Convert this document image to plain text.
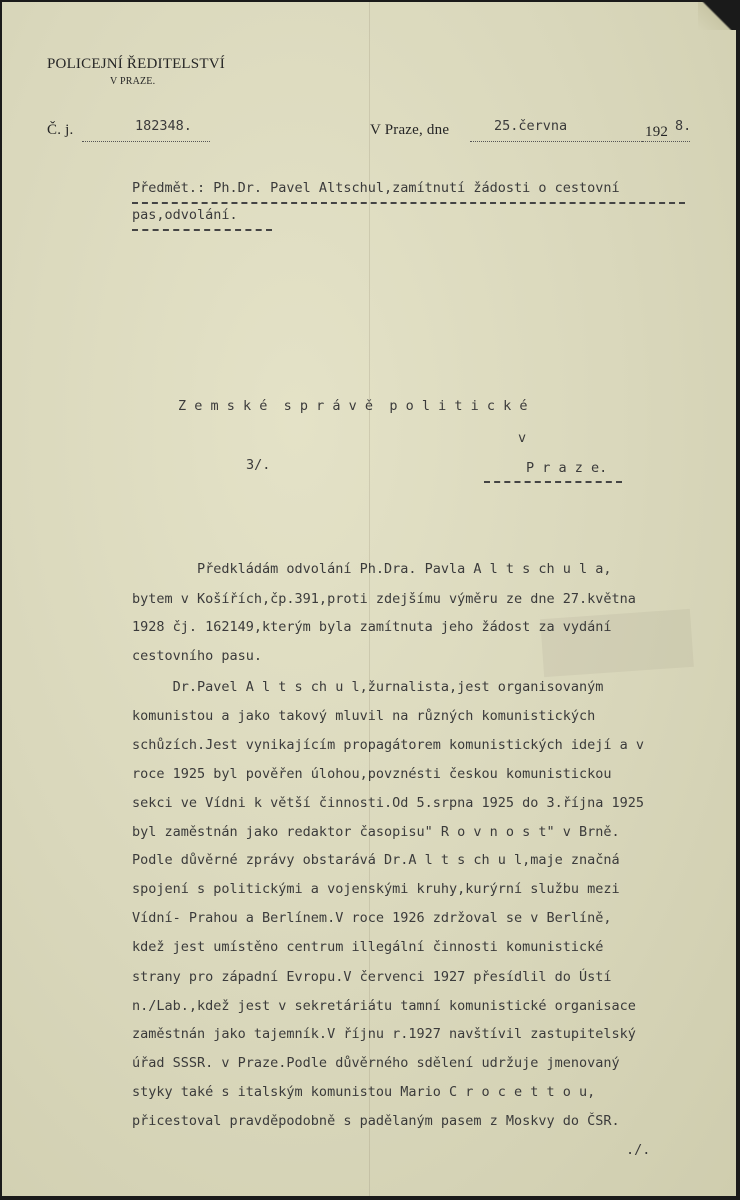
POLICEJNÍ ŘEDITELSTVÍ
V PRAZE.
Č. j.	182348.	V Praze, dne	25.června	192 8.
Předmět.: Ph.Dr. Pavel Altschul,zamítnutí žádosti o cestovní
pas,odvolání.
Z e m s k é  s p r á v ě  p o l i t i c k é
v
3/.	P r a z e.
Předkládám odvolání Ph.Dra. Pavla A l t s ch u l a,
bytem v Košířích,čp.391,proti zdejšímu výměru ze dne 27.května
1928 čj. 162149,kterým byla zamítnuta jeho žádost za vydání
cestovního pasu.
Dr.Pavel A l t s ch u l,žurnalista,jest organisovaným
komunistou a jako takový mluvil na různých komunistických
schůzích.Jest vynikajícím propagátorem komunistických idejí a v
roce 1925 byl pověřen úlohou,povznésti českou komunistickou
sekci ve Vídni k větší činnosti.Od 5.srpna 1925 do 3.října 1925
byl zaměstnán jako redaktor časopisu" R o v n o s t" v Brně.
Podle důvěrné zprávy obstarává Dr.A l t s ch u l,maje značná
spojení s politickými a vojenskými kruhy,kurýrní službu mezi
Vídní- Prahou a Berlínem.V roce 1926 zdržoval se v Berlíně,
kdež jest umístěno centrum illegální činnosti komunistické
strany pro západní Evropu.V červenci 1927 přesídlil do Ústí
n./Lab.,kdež jest v sekretáriátu tamní komunistické organisace
zaměstnán jako tajemník.V říjnu r.1927 navštívil zastupitelský
úřad SSSR. v Praze.Podle důvěrného sdělení udržuje jmenovaný
styky také s italským komunistou Mario C r o c e t t o u,
přicestoval pravděpodobně s padělaným pasem z Moskvy do ČSR.
./.
